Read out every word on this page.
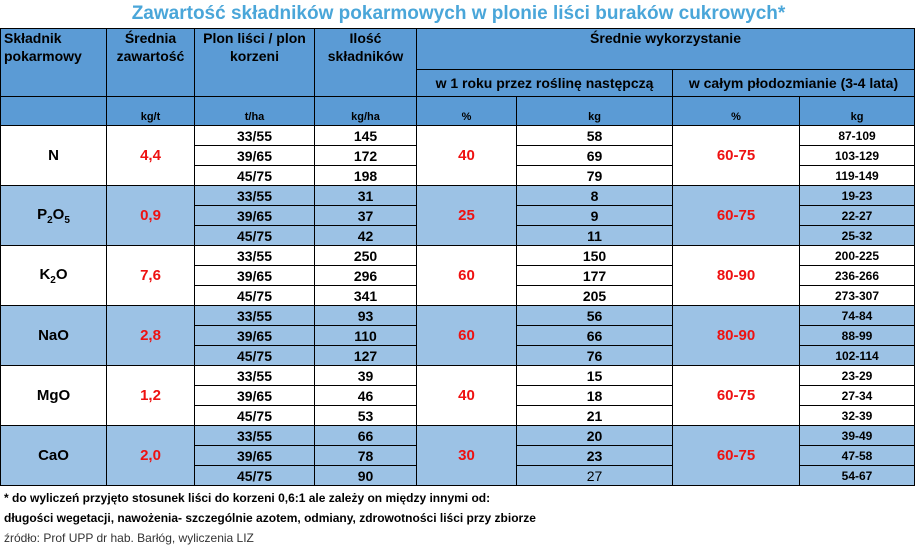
Zawartość składników pokarmowych w plonie liści buraków cukrowych*
Składnik pokarmowy	Średnia zawartość	Plon liści / plon korzeni	Ilość składników	Średnie wykorzystanie			
				w 1 roku przez roślinę następczą		w całym płodozmianie (3-4 lata)	
	kg/t	t/ha	kg/ha	%	kg	%	kg
N	4,4	33/55	145	40	58	60-75	87-109
		39/65	172		69		103-129
		45/75	198		79		119-149
$P_2O_5$	0,9	33/55	31	25	8	60-75	19-23
		39/65	37		9		22-27
		45/75	42		11		25-32
$K_2O$	7,6	33/55	250	60	150	80-90	200-225
		39/65	296		177		236-266
		45/75	341		205		273-307
NaO	2,8	33/55	93	60	56	80-90	74-84
		39/65	110		66		88-99
		45/75	127		76		102-114
MgO	1,2	33/55	39	40	15	60-75	23-29
		39/65	46		18		27-34
		45/75	53		21		32-39
CaO	2,0	33/55	66	30	20	60-75	39-49
		39/65	78		23		47-58
		45/75	90		27		54-67
* do wyliczeń przyjęto stosunek liści do korzeni 0,6:1 ale zależy on między innymi od:
długości wegetacji, nawożenia- szczególnie azotem, odmiany, zdrowotności liści przy zbiorze
źródło: Prof UPP dr hab. Barłóg, wyliczenia LIZ
